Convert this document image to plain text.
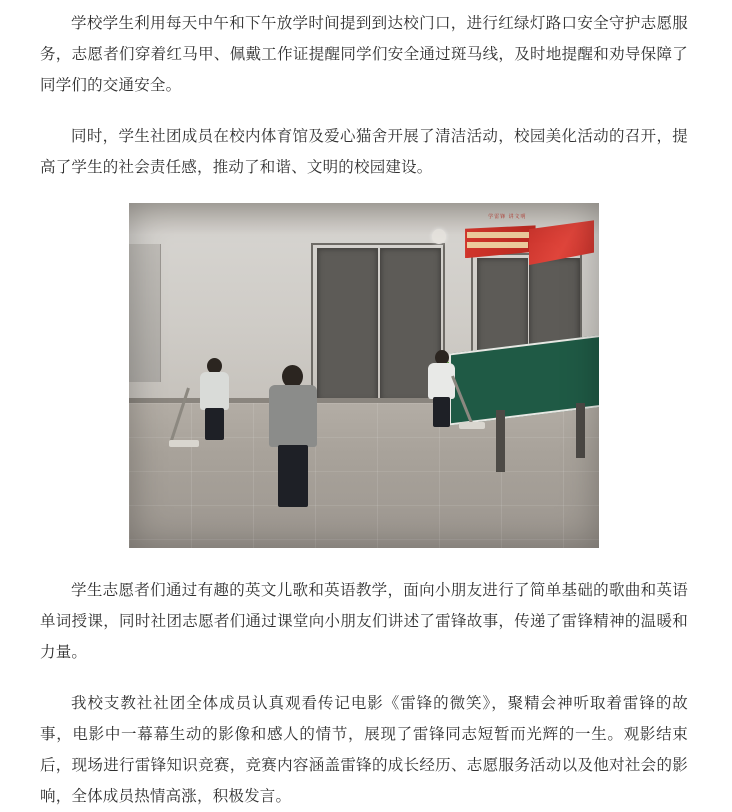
学校学生利用每天中午和下午放学时间提到到达校门口，进行红绿灯路口安全守护志愿服务，志愿者们穿着红马甲、佩戴工作证提醒同学们安全通过斑马线，及时地提醒和劝导保障了同学们的交通安全。

同时，学生社团成员在校内体育馆及爱心猫舍开展了清洁活动，校园美化活动的召开，提高了学生的社会责任感，推动了和谐、文明的校园建设。

学雷锋 讲文明

学生志愿者们通过有趣的英文儿歌和英语教学，面向小朋友进行了简单基础的歌曲和英语单词授课，同时社团志愿者们通过课堂向小朋友们讲述了雷锋故事，传递了雷锋精神的温暖和力量。

我校支教社社团全体成员认真观看传记电影《雷锋的微笑》，聚精会神听取着雷锋的故事，电影中一幕幕生动的影像和感人的情节，展现了雷锋同志短暂而光辉的一生。观影结束后，现场进行雷锋知识竞赛，竞赛内容涵盖雷锋的成长经历、志愿服务活动以及他对社会的影响，全体成员热情高涨，积极发言。
